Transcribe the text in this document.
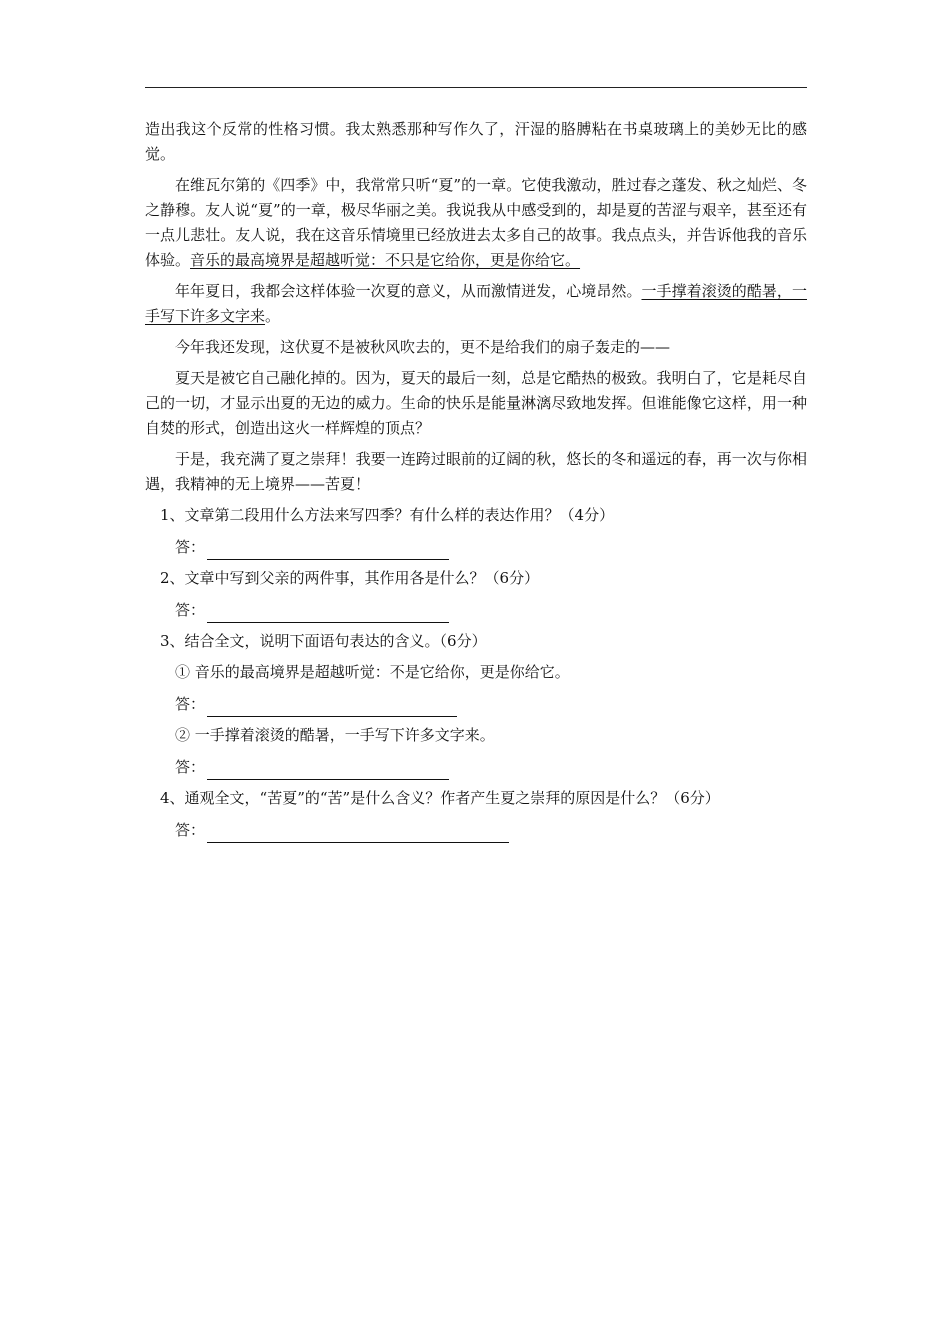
造出我这个反常的性格习惯。我太熟悉那种写作久了，汗湿的胳膊粘在书桌玻璃上的美妙无比的感觉。

在维瓦尔第的《四季》中，我常常只听“夏”的一章。它使我激动，胜过春之蓬发、秋之灿烂、冬之静穆。友人说“夏”的一章，极尽华丽之美。我说我从中感受到的，却是夏的苦涩与艰辛，甚至还有一点儿悲壮。友人说，我在这音乐情境里已经放进去太多自己的故事。我点点头，并告诉他我的音乐体验。音乐的最高境界是超越听觉：不只是它给你，更是你给它。

年年夏日，我都会这样体验一次夏的意义，从而激情迸发，心境昂然。一手撑着滚烫的酷暑，一手写下许多文字来。

今年我还发现，这伏夏不是被秋风吹去的，更不是给我们的扇子轰走的——

夏天是被它自己融化掉的。因为，夏天的最后一刻，总是它酷热的极致。我明白了，它是耗尽自己的一切，才显示出夏的无边的威力。生命的快乐是能量淋漓尽致地发挥。但谁能像它这样，用一种自焚的形式，创造出这火一样辉煌的顶点？

于是，我充满了夏之崇拜！我要一连跨过眼前的辽阔的秋，悠长的冬和遥远的春，再一次与你相遇，我精神的无上境界——苦夏！

1、文章第二段用什么方法来写四季？有什么样的表达作用？（4分）

答：

2、文章中写到父亲的两件事，其作用各是什么？（6分）

答：

3、结合全文，说明下面语句表达的含义。（6分）

① 音乐的最高境界是超越听觉：不是它给你，更是你给它。

答：

② 一手撑着滚烫的酷暑，一手写下许多文字来。

答：

4、通观全文，“苦夏”的“苦”是什么含义？作者产生夏之崇拜的原因是什么？（6分）

答：
